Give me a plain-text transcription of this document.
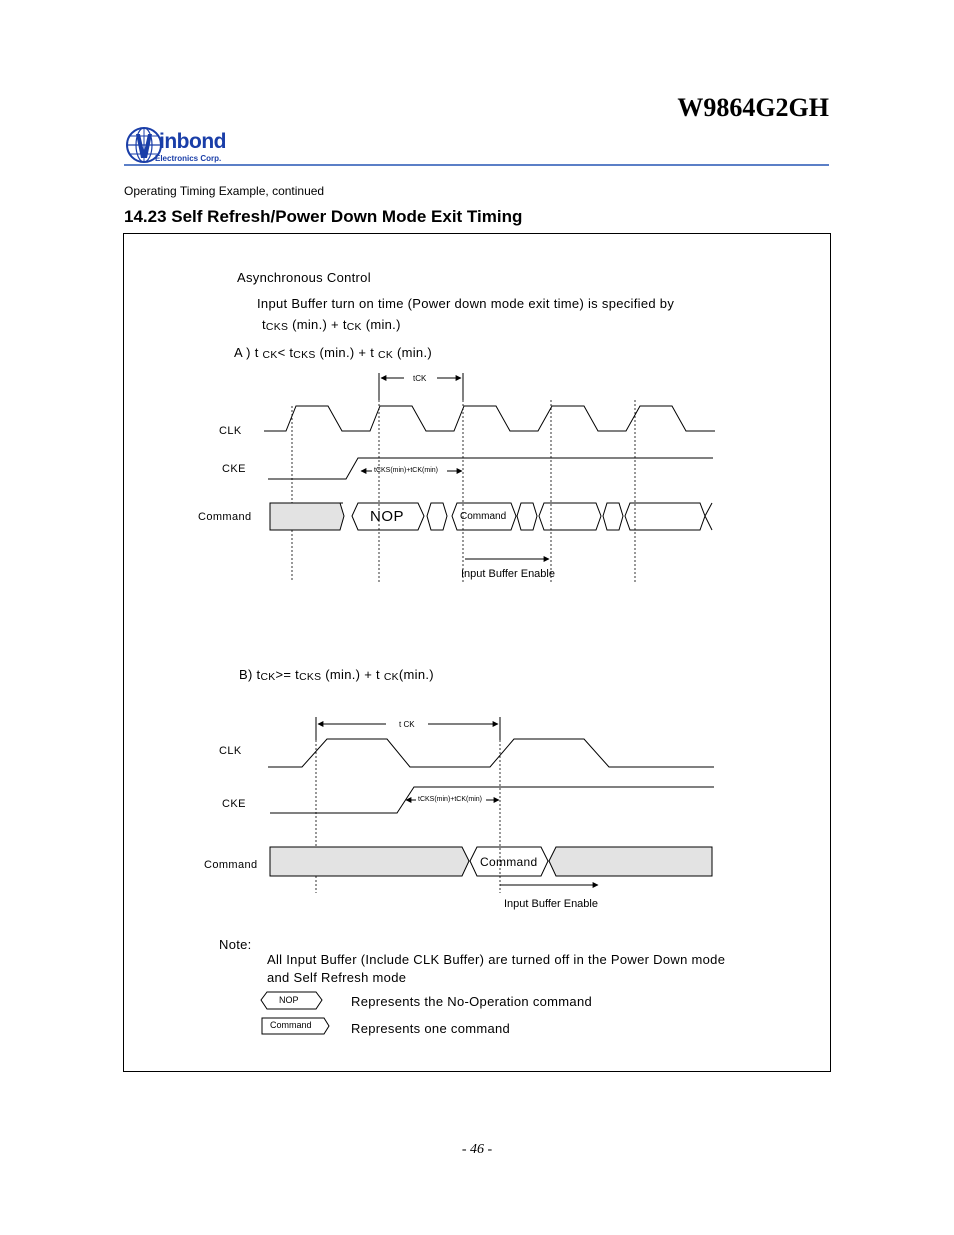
W9864G2GH
inbond
Electronics Corp.
Operating Timing Example, continued
14.23 Self Refresh/Power Down Mode Exit Timing
Asynchronous Control
Input Buffer turn on time (Power down mode exit time) is specified by
$t_{CKS}$ $(\min.) + t_{CK}$ (min.)
A ) t $_{CK}< t_{CKS}$ (min.) + t $_{CK}$ (min.)
B) $t_{CK}>= t_{CKS}$ (min.) + t $_{CK}$(min.)
tCK
CLK
CKE
Command	NOP	Command
tCKS(min)+tCK(min)
Input Buffer Enable
t CK
CLK
CKE
Command	Command
tCKS(min)+tCK(min)
Input Buffer Enable
Note:
All Input Buffer (Include CLK Buffer) are turned off in the Power Down mode
and Self Refresh mode
NOP	Represents the No-Operation command
Command	Represents one command
- 46 -
